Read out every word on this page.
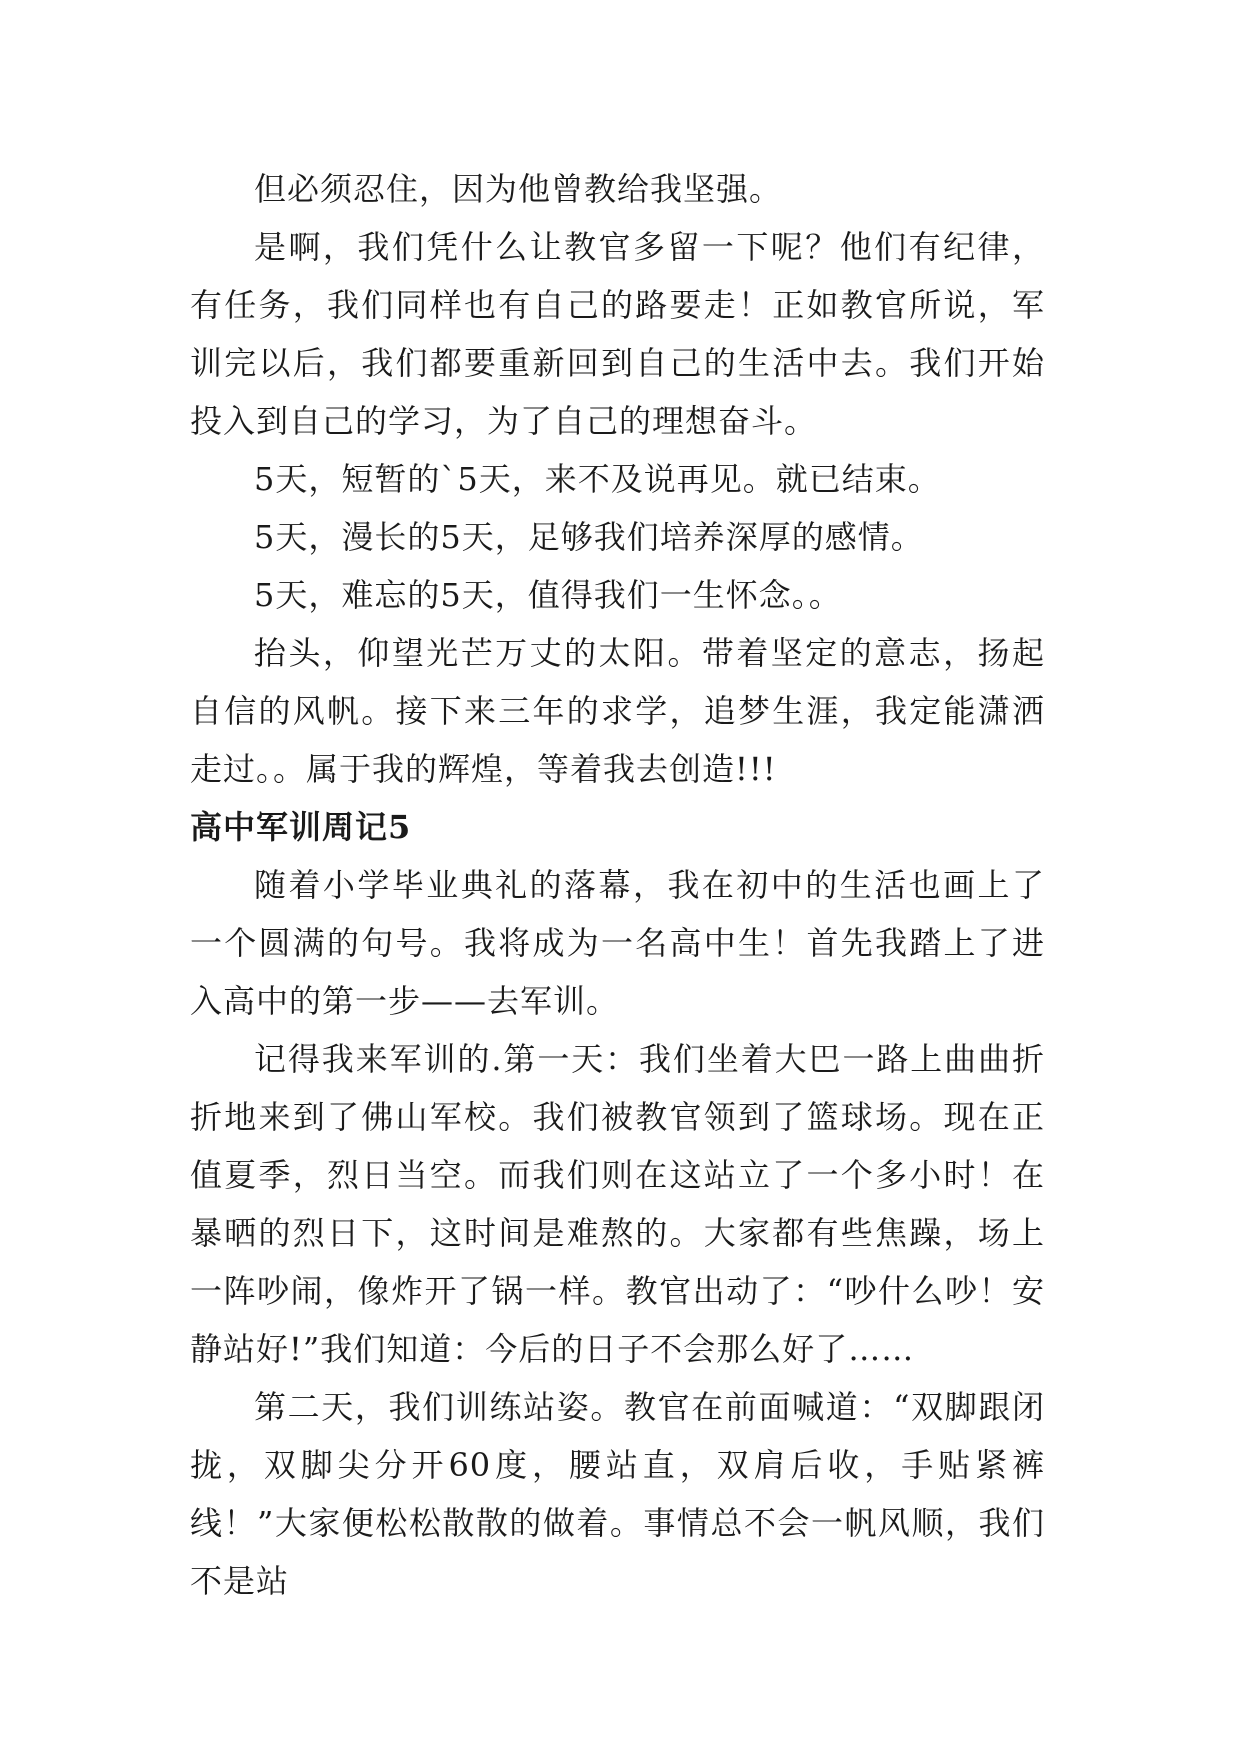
但必须忍住，因为他曾教给我坚强。

是啊，我们凭什么让教官多留一下呢？他们有纪律，有任务，我们同样也有自己的路要走！正如教官所说，军训完以后，我们都要重新回到自己的生活中去。我们开始投入到自己的学习，为了自己的理想奋斗。

5天，短暂的`5天，来不及说再见。就已结束。

5天，漫长的5天，足够我们培养深厚的感情。

5天，难忘的5天，值得我们一生怀念。。

抬头，仰望光芒万丈的太阳。带着坚定的意志，扬起自信的风帆。接下来三年的求学，追梦生涯，我定能潇洒走过。。属于我的辉煌，等着我去创造!!!

高中军训周记5

随着小学毕业典礼的落幕，我在初中的生活也画上了一个圆满的句号。我将成为一名高中生！首先我踏上了进入高中的第一步——去军训。

记得我来军训的.第一天：我们坐着大巴一路上曲曲折折地来到了佛山军校。我们被教官领到了篮球场。现在正值夏季，烈日当空。而我们则在这站立了一个多小时！在暴晒的烈日下，这时间是难熬的。大家都有些焦躁，场上一阵吵闹，像炸开了锅一样。教官出动了：“吵什么吵！安静站好!”我们知道：今后的日子不会那么好了……

第二天，我们训练站姿。教官在前面喊道：“双脚跟闭拢，双脚尖分开60度，腰站直，双肩后收，手贴紧裤线！”大家便松松散散的做着。事情总不会一帆风顺，我们不是站
